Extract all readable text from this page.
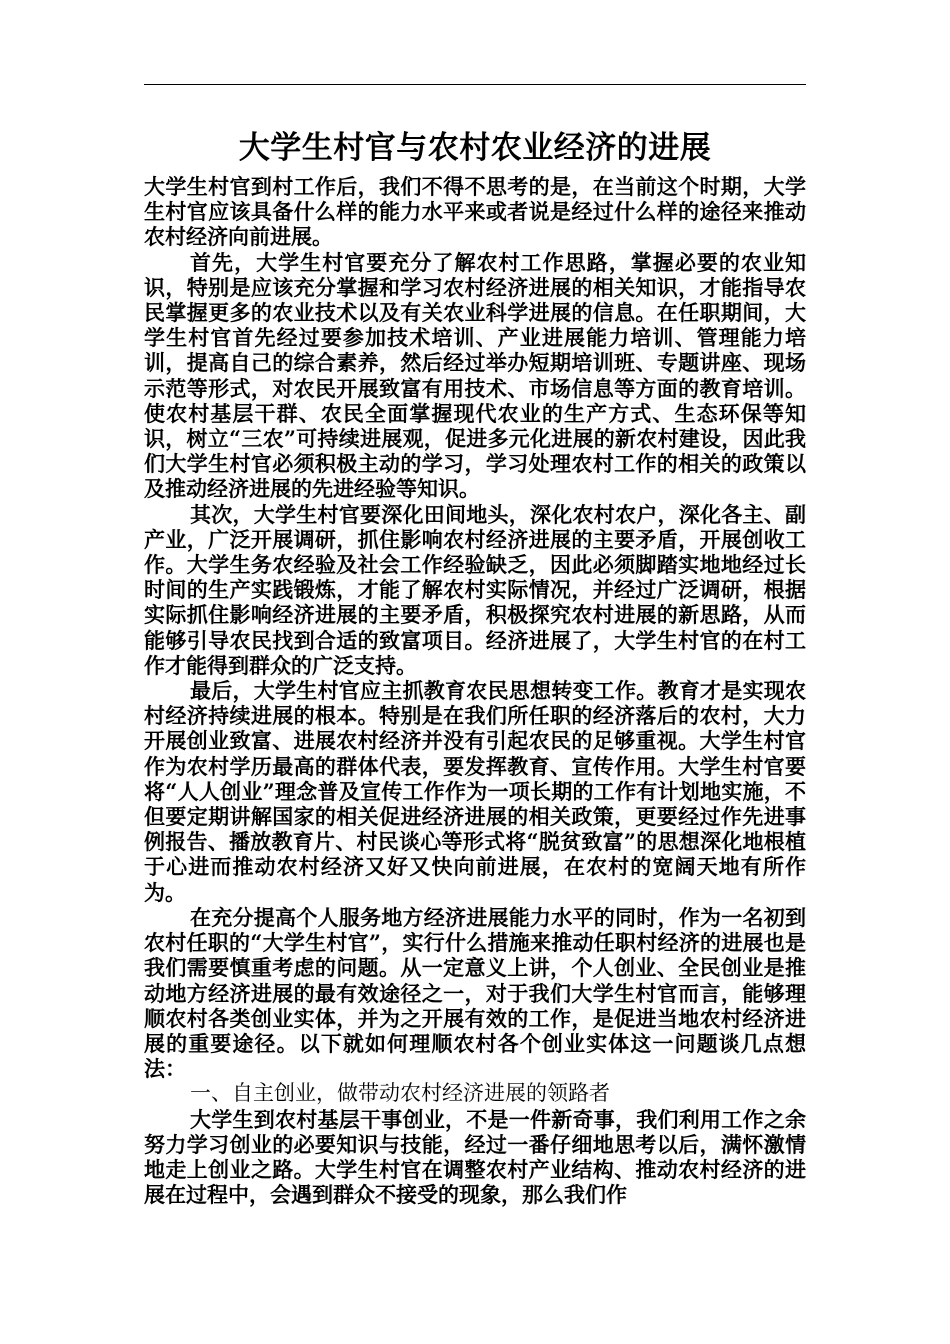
大学生村官与农村农业经济的进展

大学生村官到村工作后，我们不得不思考的是，在当前这个时期，大学生村官应该具备什么样的能力水平来或者说是经过什么样的途径来推动农村经济向前进展。

首先，大学生村官要充分了解农村工作思路，掌握必要的农业知识，特别是应该充分掌握和学习农村经济进展的相关知识，才能指导农民掌握更多的农业技术以及有关农业科学进展的信息。在任职期间，大学生村官首先经过要参加技术培训、产业进展能力培训、管理能力培训，提高自己的综合素养，然后经过举办短期培训班、专题讲座、现场示范等形式，对农民开展致富有用技术、市场信息等方面的教育培训。使农村基层干群、农民全面掌握现代农业的生产方式、生态环保等知识，树立“三农”可持续进展观，促进多元化进展的新农村建设，因此我们大学生村官必须积极主动的学习，学习处理农村工作的相关的政策以及推动经济进展的先进经验等知识。

其次，大学生村官要深化田间地头，深化农村农户，深化各主、副产业，广泛开展调研，抓住影响农村经济进展的主要矛盾，开展创收工作。大学生务农经验及社会工作经验缺乏，因此必须脚踏实地地经过长时间的生产实践锻炼，才能了解农村实际情况，并经过广泛调研，根据实际抓住影响经济进展的主要矛盾，积极探究农村进展的新思路，从而能够引导农民找到合适的致富项目。经济进展了，大学生村官的在村工作才能得到群众的广泛支持。

最后，大学生村官应主抓教育农民思想转变工作。教育才是实现农村经济持续进展的根本。特别是在我们所任职的经济落后的农村，大力开展创业致富、进展农村经济并没有引起农民的足够重视。大学生村官作为农村学历最高的群体代表，要发挥教育、宣传作用。大学生村官要将“人人创业”理念普及宣传工作作为一项长期的工作有计划地实施，不但要定期讲解国家的相关促进经济进展的相关政策，更要经过作先进事例报告、播放教育片、村民谈心等形式将“脱贫致富”的思想深化地根植于心进而推动农村经济又好又快向前进展，在农村的宽阔天地有所作为。

在充分提高个人服务地方经济进展能力水平的同时，作为一名初到农村任职的“大学生村官”，实行什么措施来推动任职村经济的进展也是我们需要慎重考虑的问题。从一定意义上讲，个人创业、全民创业是推动地方经济进展的最有效途径之一，对于我们大学生村官而言，能够理顺农村各类创业实体，并为之开展有效的工作，是促进当地农村经济进展的重要途径。以下就如何理顺农村各个创业实体这一问题谈几点想法：

一、自主创业，做带动农村经济进展的领路者

大学生到农村基层干事创业，不是一件新奇事，我们利用工作之余努力学习创业的必要知识与技能，经过一番仔细地思考以后，满怀激情地走上创业之路。大学生村官在调整农村产业结构、推动农村经济的进展在过程中，会遇到群众不接受的现象，那么我们作
